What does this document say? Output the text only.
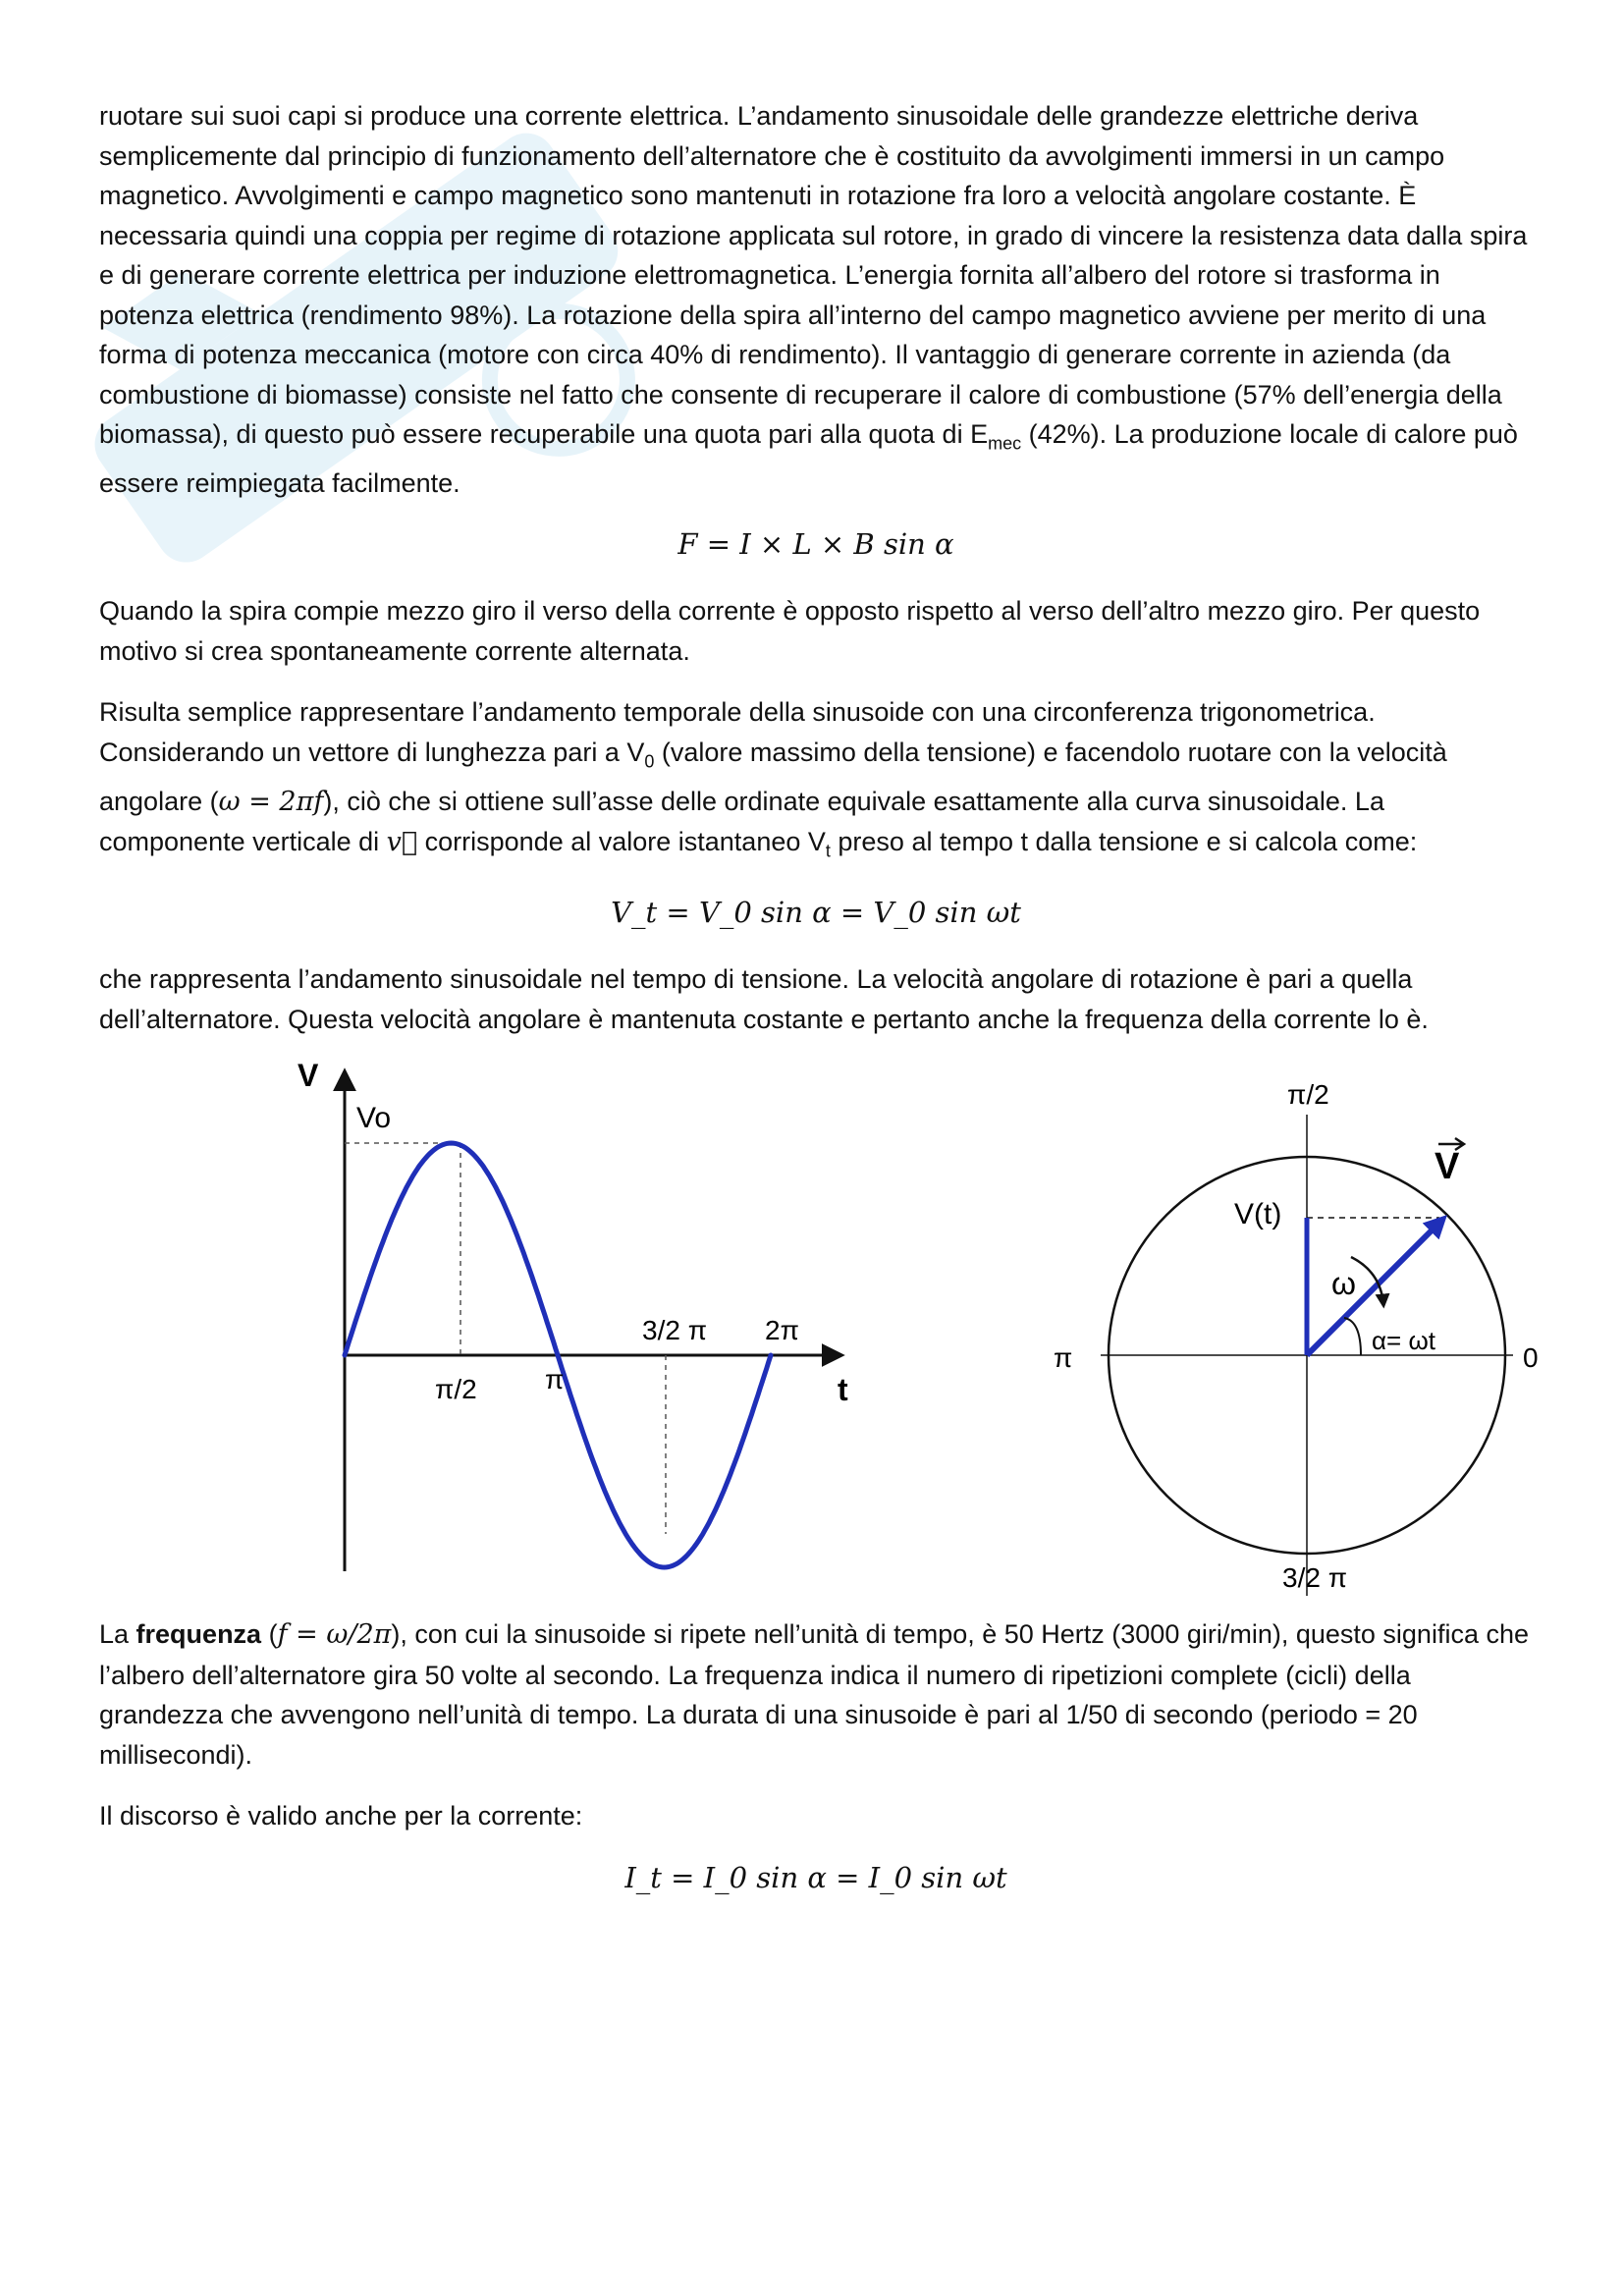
ruotare sui suoi capi si produce una corrente elettrica. L’andamento sinusoidale delle grandezze elettriche deriva semplicemente dal principio di funzionamento dell’alternatore che è costituito da avvolgimenti immersi in un campo magnetico. Avvolgimenti e campo magnetico sono mantenuti in rotazione fra loro a velocità angolare costante. È necessaria quindi una coppia per regime di rotazione applicata sul rotore, in grado di vincere la resistenza data dalla spira e di generare corrente elettrica per induzione elettromagnetica. L’energia fornita all’albero del rotore si trasforma in potenza elettrica (rendimento 98%). La rotazione della spira all’interno del campo magnetico avviene per merito di una forma di potenza meccanica (motore con circa 40% di rendimento). Il vantaggio di generare corrente in azienda (da combustione di biomasse) consiste nel fatto che consente di recuperare il calore di combustione (57% dell’energia della biomassa), di questo può essere recuperabile una quota pari alla quota di $E_{mec}$ (42%). La produzione locale di calore può essere reimpiegata facilmente.

F = I × L × B sin α

Quando la spira compie mezzo giro il verso della corrente è opposto rispetto al verso dell’altro mezzo giro. Per questo motivo si crea spontaneamente corrente alternata.

Risulta semplice rappresentare l’andamento temporale della sinusoide con una circonferenza trigonometrica. Considerando un vettore di lunghezza pari a $V_0$ (valore massimo della tensione) e facendolo ruotare con la velocità angolare (ω = 2πf), ciò che si ottiene sull’asse delle ordinate equivale esattamente alla curva sinusoidale. La componente verticale di v⃗ corrisponde al valore istantaneo $V_t$ preso al tempo t dalla tensione e si calcola come:

V_t = V_0 sin α = V_0 sin ωt

che rappresenta l’andamento sinusoidale nel tempo di tensione. La velocità angolare di rotazione è pari a quella dell’alternatore. Questa velocità angolare è mantenuta costante e pertanto anche la frequenza della corrente lo è.

V
t
Vo
π/2 π
3/2 π 2π
π/2
3/2 π
π	0
V
V(t)
ω
α= ωt

La frequenza (f = ω/2π), con cui la sinusoide si ripete nell’unità di tempo, è 50 Hertz (3000 giri/min), questo significa che l’albero dell’alternatore gira 50 volte al secondo. La frequenza indica il numero di ripetizioni complete (cicli) della grandezza che avvengono nell’unità di tempo. La durata di una sinusoide è pari al 1/50 di secondo (periodo = 20 millisecondi).

Il discorso è valido anche per la corrente:

I_t = I_0 sin α = I_0 sin ωt
